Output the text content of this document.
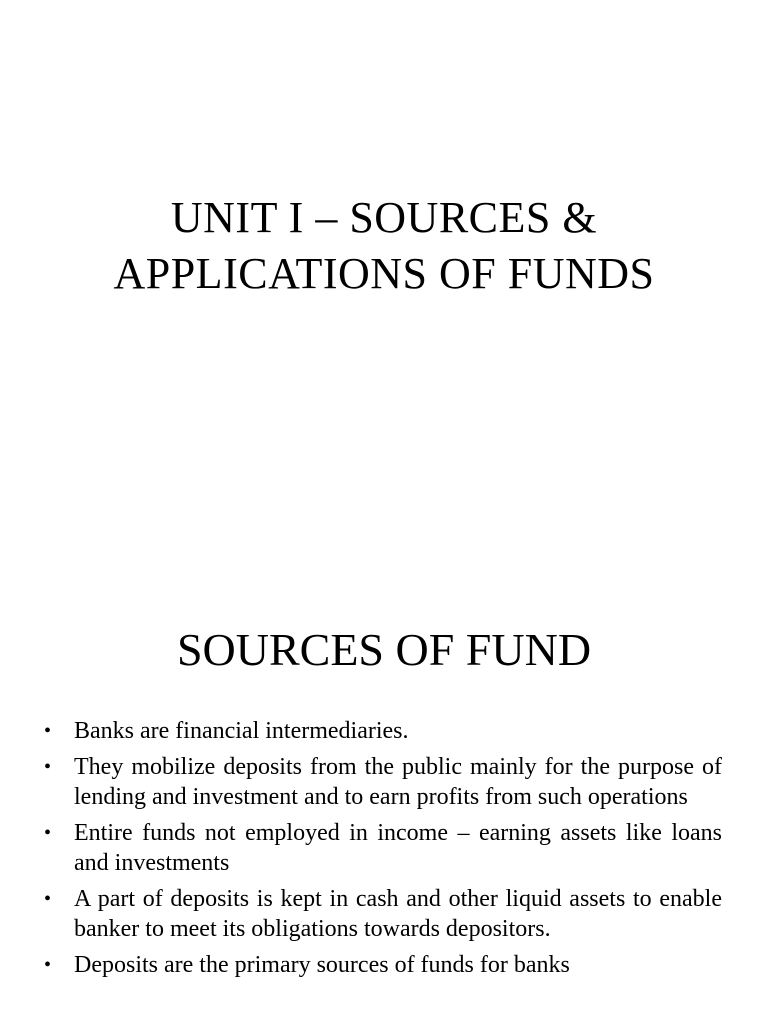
UNIT I – SOURCES &
APPLICATIONS OF FUNDS
SOURCES OF FUND
• Banks are financial intermediaries.
• They mobilize deposits from the public mainly for the purpose of lending and investment and to earn profits from such operations
• Entire funds not employed in income – earning assets like loans and investments
• A part of deposits is kept in cash and other liquid assets to enable banker to meet its obligations towards depositors.
• Deposits are the primary sources of funds for banks
